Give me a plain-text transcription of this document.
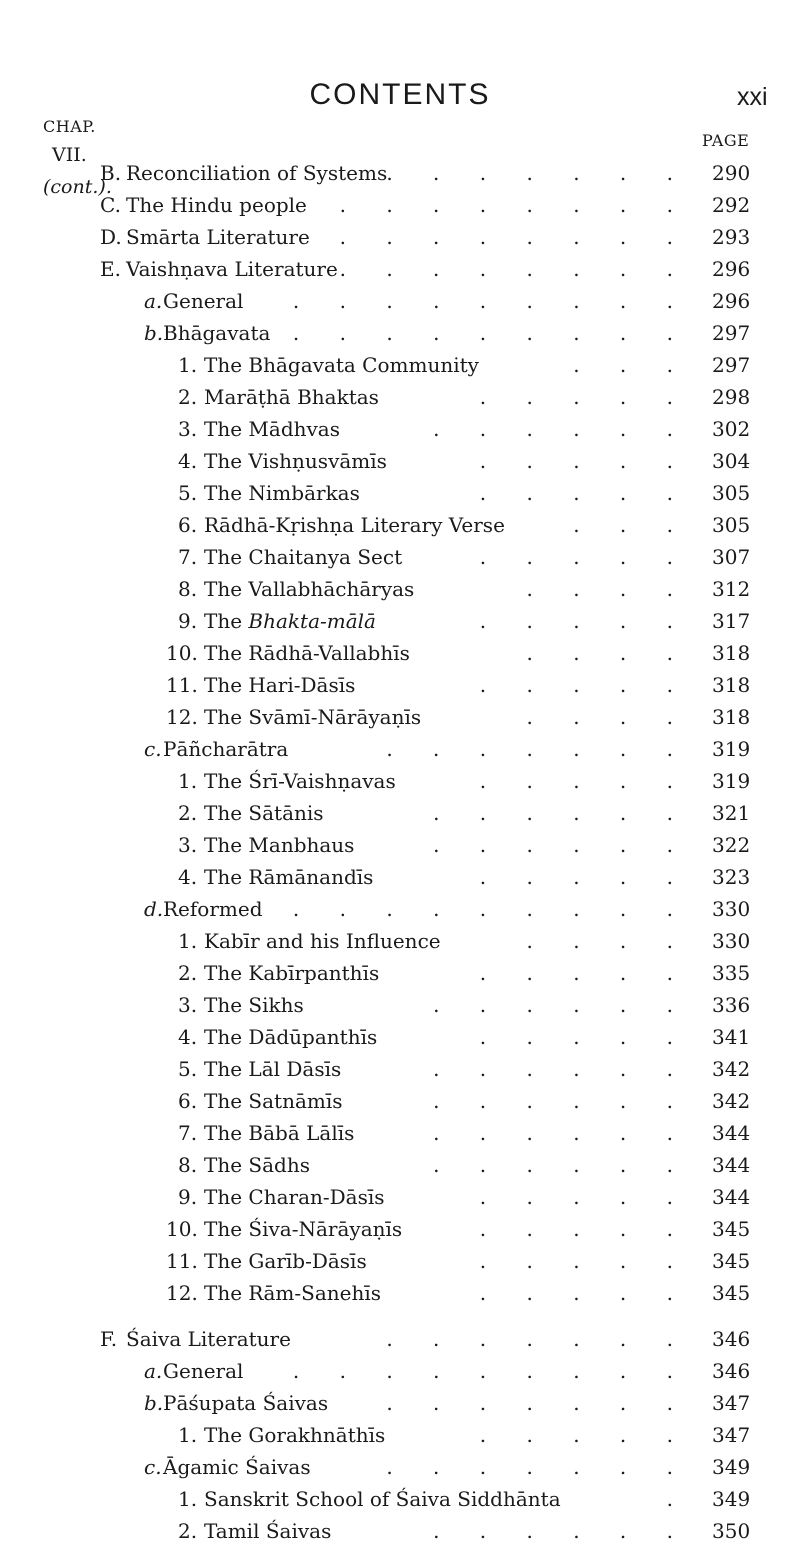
CONTENTS	xxi
CHAP.
VII.
(cont.).
PAGE
B. Reconciliation of Systems . . . . . . . 290
C. The Hindu people . . . . . . . . 292
D. Smārta Literature . . . . . . . . 293
E. Vaishṇava Literature . . . . . . . . 296
a. General . . . . . . . . . 296
b. Bhāgavata . . . . . . . . . 297
1. The Bhāgavata Community	. . . 297
2. Marāṭhā Bhaktas	. . . . . 298
3. The Mādhvas	. . . . . . 302
4. The Vishṇusvāmīs	. . . . . 304
5. The Nimbārkas	. . . . . 305
6. Rādhā-Kṛishṇa Literary Verse	. . . 305
7. The Chaitanya Sect	. . . . . 307
8. The Vallabhāchāryas	. . . . 312
9. The Bhakta-mālā	. . . . . 317
10. The Rādhā-Vallabhīs	. . . . 318
11. The Hari-Dāsīs	. . . . . 318
12. The Svāmī-Nārāyaṇīs	. . . . 318
c. Pāñcharātra	. . . . . . . 319
1. The Śrī-Vaishṇavas	. . . . . 319
2. The Sātānis	. . . . . . 321
3. The Manbhaus	. . . . . . 322
4. The Rāmānandīs	. . . . . 323
d. Reformed . . . . . . . . . 330
1. Kabīr and his Influence	. . . . 330
2. The Kabīrpanthīs	. . . . . 335
3. The Sikhs	. . . . . . 336
4. The Dādūpanthīs	. . . . . 341
5. The Lāl Dāsīs	. . . . . . 342
6. The Satnāmīs	. . . . . . 342
7. The Bābā Lālīs	. . . . . . 344
8. The Sādhs	. . . . . . 344
9. The Charan-Dāsīs	. . . . . 344
10. The Śiva-Nārāyaṇīs	. . . . . 345
11. The Garīb-Dāsīs	. . . . . 345
12. The Rām-Sanehīs	. . . . . 345
F. Śaiva Literature	. . . . . . . 346
a. General . . . . . . . . . 346
b. Pāśupata Śaivas	. . . . . . . 347
1. The Gorakhnāthīs	. . . . . 347
c. Āgamic Śaivas	. . . . . . . 349
1. Sanskrit School of Śaiva Siddhānta	. 349
2. Tamil Śaivas	. . . . . . 350
